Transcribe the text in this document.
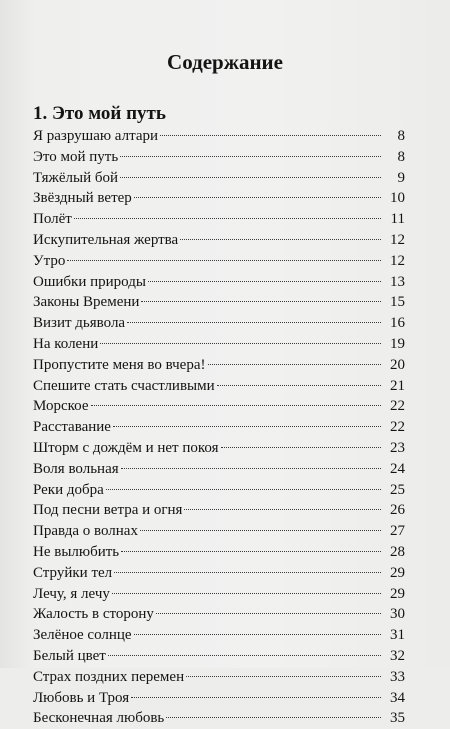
Содержание
1. Это мой путь
Я разрушаю алтари	8
Это мой путь	8
Тяжёлый бой	9
Звёздный ветер	10
Полёт	11
Искупительная жертва	12
Утро	12
Ошибки природы	13
Законы Времени	15
Визит дьявола	16
На колени	19
Пропустите меня во вчера!	20
Спешите стать счастливыми	21
Морское	22
Расставание	22
Шторм с дождём и нет покоя	23
Воля вольная	24
Реки добра	25
Под песни ветра и огня	26
Правда о волнах	27
Не вылюбить	28
Струйки тел	29
Лечу, я лечу	29
Жалость в сторону	30
Зелёное солнце	31
Белый цвет	32
Страх поздних перемен	33
Любовь и Троя	34
Бесконечная любовь	35
